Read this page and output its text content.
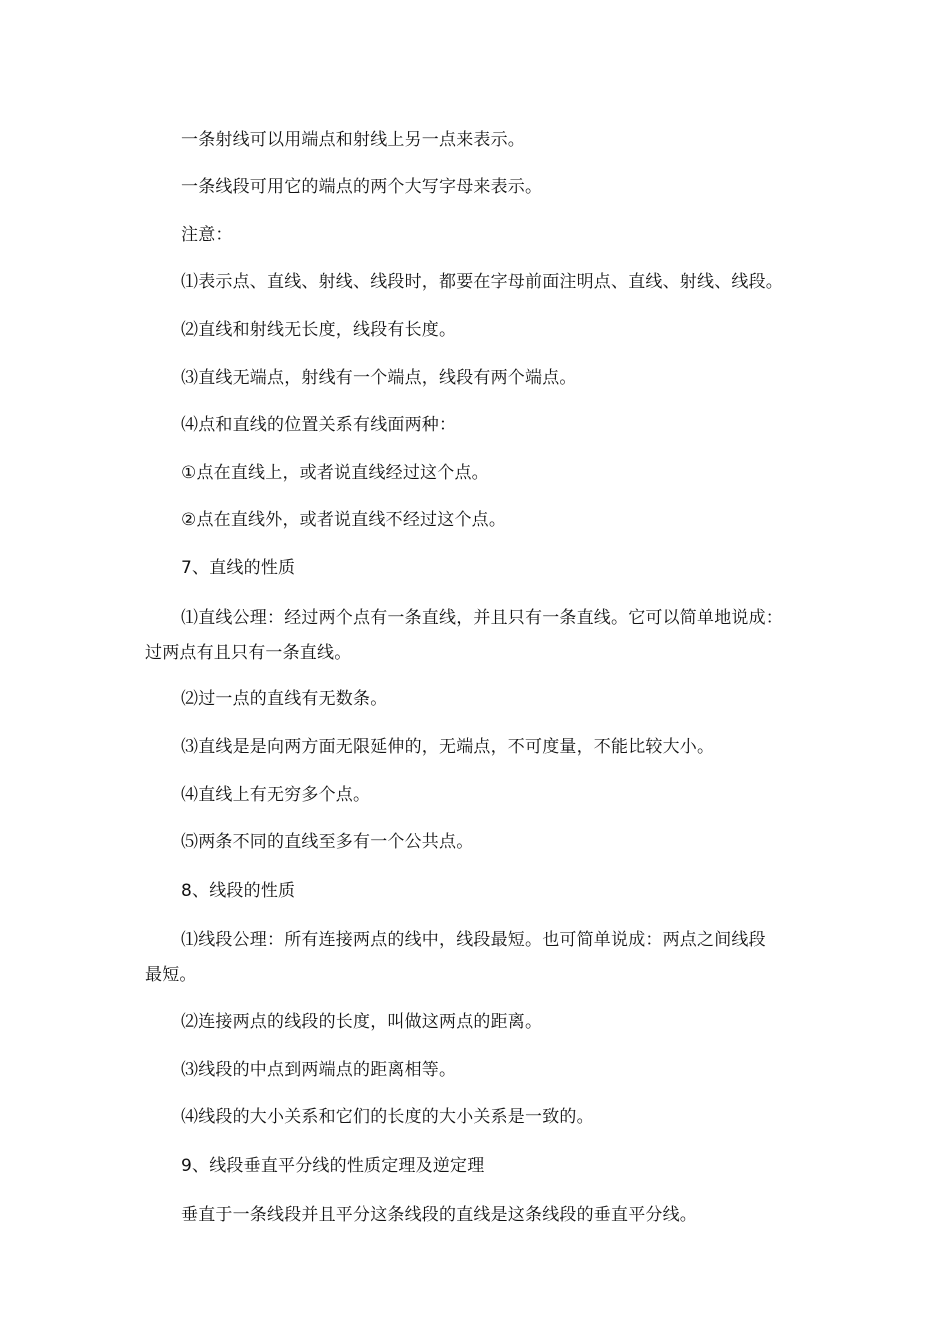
一条射线可以用端点和射线上另一点来表示。
一条线段可用它的端点的两个大写字母来表示。
注意：
⑴表示点、直线、射线、线段时，都要在字母前面注明点、直线、射线、线段。
⑵直线和射线无长度，线段有长度。
⑶直线无端点，射线有一个端点，线段有两个端点。
⑷点和直线的位置关系有线面两种：
①点在直线上，或者说直线经过这个点。
②点在直线外，或者说直线不经过这个点。
7、直线的性质
⑴直线公理：经过两个点有一条直线，并且只有一条直线。它可以简单地说成：
过两点有且只有一条直线。
⑵过一点的直线有无数条。
⑶直线是是向两方面无限延伸的，无端点，不可度量，不能比较大小。
⑷直线上有无穷多个点。
⑸两条不同的直线至多有一个公共点。
8、线段的性质
⑴线段公理：所有连接两点的线中，线段最短。也可简单说成：两点之间线段
最短。
⑵连接两点的线段的长度，叫做这两点的距离。
⑶线段的中点到两端点的距离相等。
⑷线段的大小关系和它们的长度的大小关系是一致的。
9、线段垂直平分线的性质定理及逆定理
垂直于一条线段并且平分这条线段的直线是这条线段的垂直平分线。
